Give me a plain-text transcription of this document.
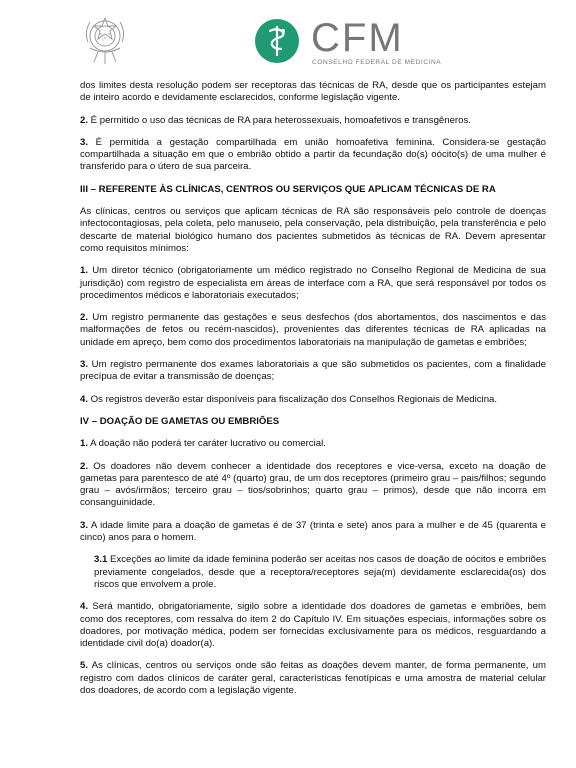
CFM
CONSELHO FEDERAL DE MEDICINA

dos limites desta resolução podem ser receptoras das técnicas de RA, desde que os participantes estejam de inteiro acordo e devidamente esclarecidos, conforme legislação vigente.

2. É permitido o uso das técnicas de RA para heterossexuais, homoafetivos e transgêneros.

3. É permitida a gestação compartilhada em união homoafetiva feminina. Considera-se gestação compartilhada a situação em que o embrião obtido a partir da fecundação do(s) oócito(s) de uma mulher é transferido para o útero de sua parceira.

III – REFERENTE ÀS CLÍNICAS, CENTROS OU SERVIÇOS QUE APLICAM TÉCNICAS DE RA

As clínicas, centros ou serviços que aplicam técnicas de RA são responsáveis pelo controle de doenças infectocontagiosas, pela coleta, pelo manuseio, pela conservação, pela distribuição, pela transferência e pelo descarte de material biológico humano dos pacientes submetidos às técnicas de RA. Devem apresentar como requisitos mínimos:

1. Um diretor técnico (obrigatoriamente um médico registrado no Conselho Regional de Medicina de sua jurisdição) com registro de especialista em áreas de interface com a RA, que será responsável por todos os procedimentos médicos e laboratoriais executados;

2. Um registro permanente das gestações e seus desfechos (dos abortamentos, dos nascimentos e das malformações de fetos ou recém-nascidos), provenientes das diferentes técnicas de RA aplicadas na unidade em apreço, bem como dos procedimentos laboratoriais na manipulação de gametas e embriões;

3. Um registro permanente dos exames laboratoriais a que são submetidos os pacientes, com a finalidade precípua de evitar a transmissão de doenças;

4. Os registros deverão estar disponíveis para fiscalização dos Conselhos Regionais de Medicina.

IV – DOAÇÃO DE GAMETAS OU EMBRIÕES

1. A doação não poderá ter caráter lucrativo ou comercial.

2. Os doadores não devem conhecer a identidade dos receptores e vice-versa, exceto na doação de gametas para parentesco de até 4º (quarto) grau, de um dos receptores (primeiro grau – pais/filhos; segundo grau – avós/irmãos; terceiro grau – tios/sobrinhos; quarto grau – primos), desde que não incorra em consanguinidade.

3. A idade limite para a doação de gametas é de 37 (trinta e sete) anos para a mulher e de 45 (quarenta e cinco) anos para o homem.

3.1 Exceções ao limite da idade feminina poderão ser aceitas nos casos de doação de oócitos e embriões previamente congelados, desde que a receptora/receptores seja(m) devidamente esclarecida(os) dos riscos que envolvem a prole.

4. Será mantido, obrigatoriamente, sigilo sobre a identidade dos doadores de gametas e embriões, bem como dos receptores, com ressalva do item 2 do Capítulo IV. Em situações especiais, informações sobre os doadores, por motivação médica, podem ser fornecidas exclusivamente para os médicos, resguardando a identidade civil do(a) doador(a).

5. As clínicas, centros ou serviços onde são feitas as doações devem manter, de forma permanente, um registro com dados clínicos de caráter geral, características fenotípicas e uma amostra de material celular dos doadores, de acordo com a legislação vigente.
